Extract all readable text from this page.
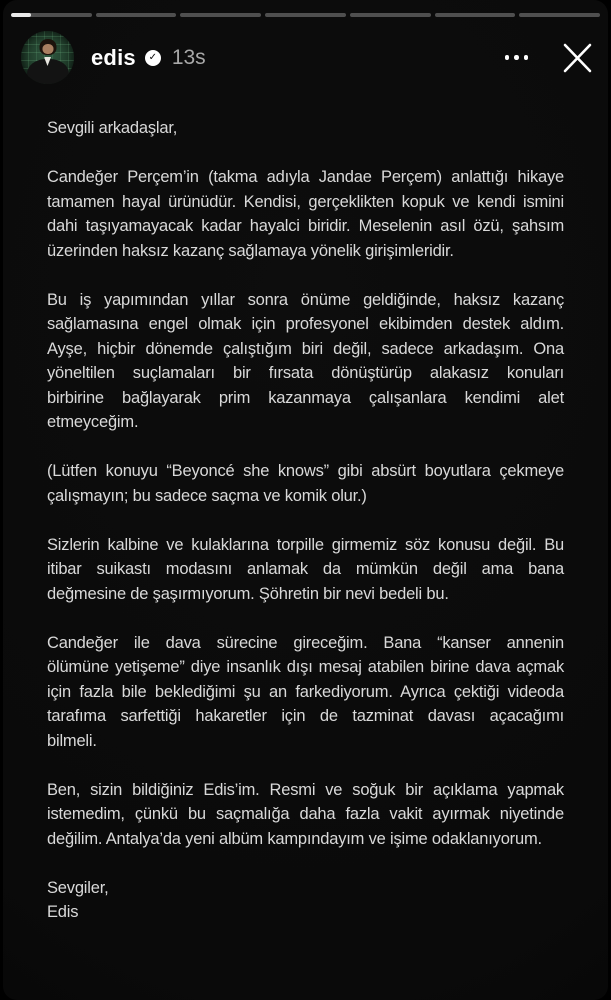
edis	✓ 13s
Sevgili arkadaşlar,
Candeğer Perçem’in (takma adıyla Jandae Perçem) anlattığı hikaye
tamamen hayal ürünüdür. Kendisi, gerçeklikten kopuk ve kendi ismini
dahi taşıyamayacak kadar hayalci biridir. Meselenin asıl özü, şahsım
üzerinden haksız kazanç sağlamaya yönelik girişimleridir.
Bu iş yapımından yıllar sonra önüme geldiğinde, haksız kazanç
sağlamasına engel olmak için profesyonel ekibimden destek aldım.
Ayşe, hiçbir dönemde çalıştığım biri değil, sadece arkadaşım. Ona
yöneltilen suçlamaları bir fırsata dönüştürüp alakasız konuları
birbirine bağlayarak prim kazanmaya çalışanlara kendimi alet
etmeyceğim.
(Lütfen konuyu “Beyoncé she knows” gibi absürt boyutlara çekmeye
çalışmayın; bu sadece saçma ve komik olur.)
Sizlerin kalbine ve kulaklarına torpille girmemiz söz konusu değil. Bu
itibar suikastı modasını anlamak da mümkün değil ama bana
değmesine de şaşırmıyorum. Şöhretin bir nevi bedeli bu.
Candeğer ile dava sürecine gireceğim. Bana “kanser annenin
ölümüne yetişeme” diye insanlık dışı mesaj atabilen birine dava açmak
için fazla bile beklediğimi şu an farkediyorum. Ayrıca çektiği videoda
tarafıma sarfettiği hakaretler için de tazminat davası açacağımı
bilmeli.
Ben, sizin bildiğiniz Edis’im. Resmi ve soğuk bir açıklama yapmak
istemedim, çünkü bu saçmalığa daha fazla vakit ayırmak niyetinde
değilim. Antalya’da yeni albüm kampındayım ve işime odaklanıyorum.
Sevgiler,
Edis
